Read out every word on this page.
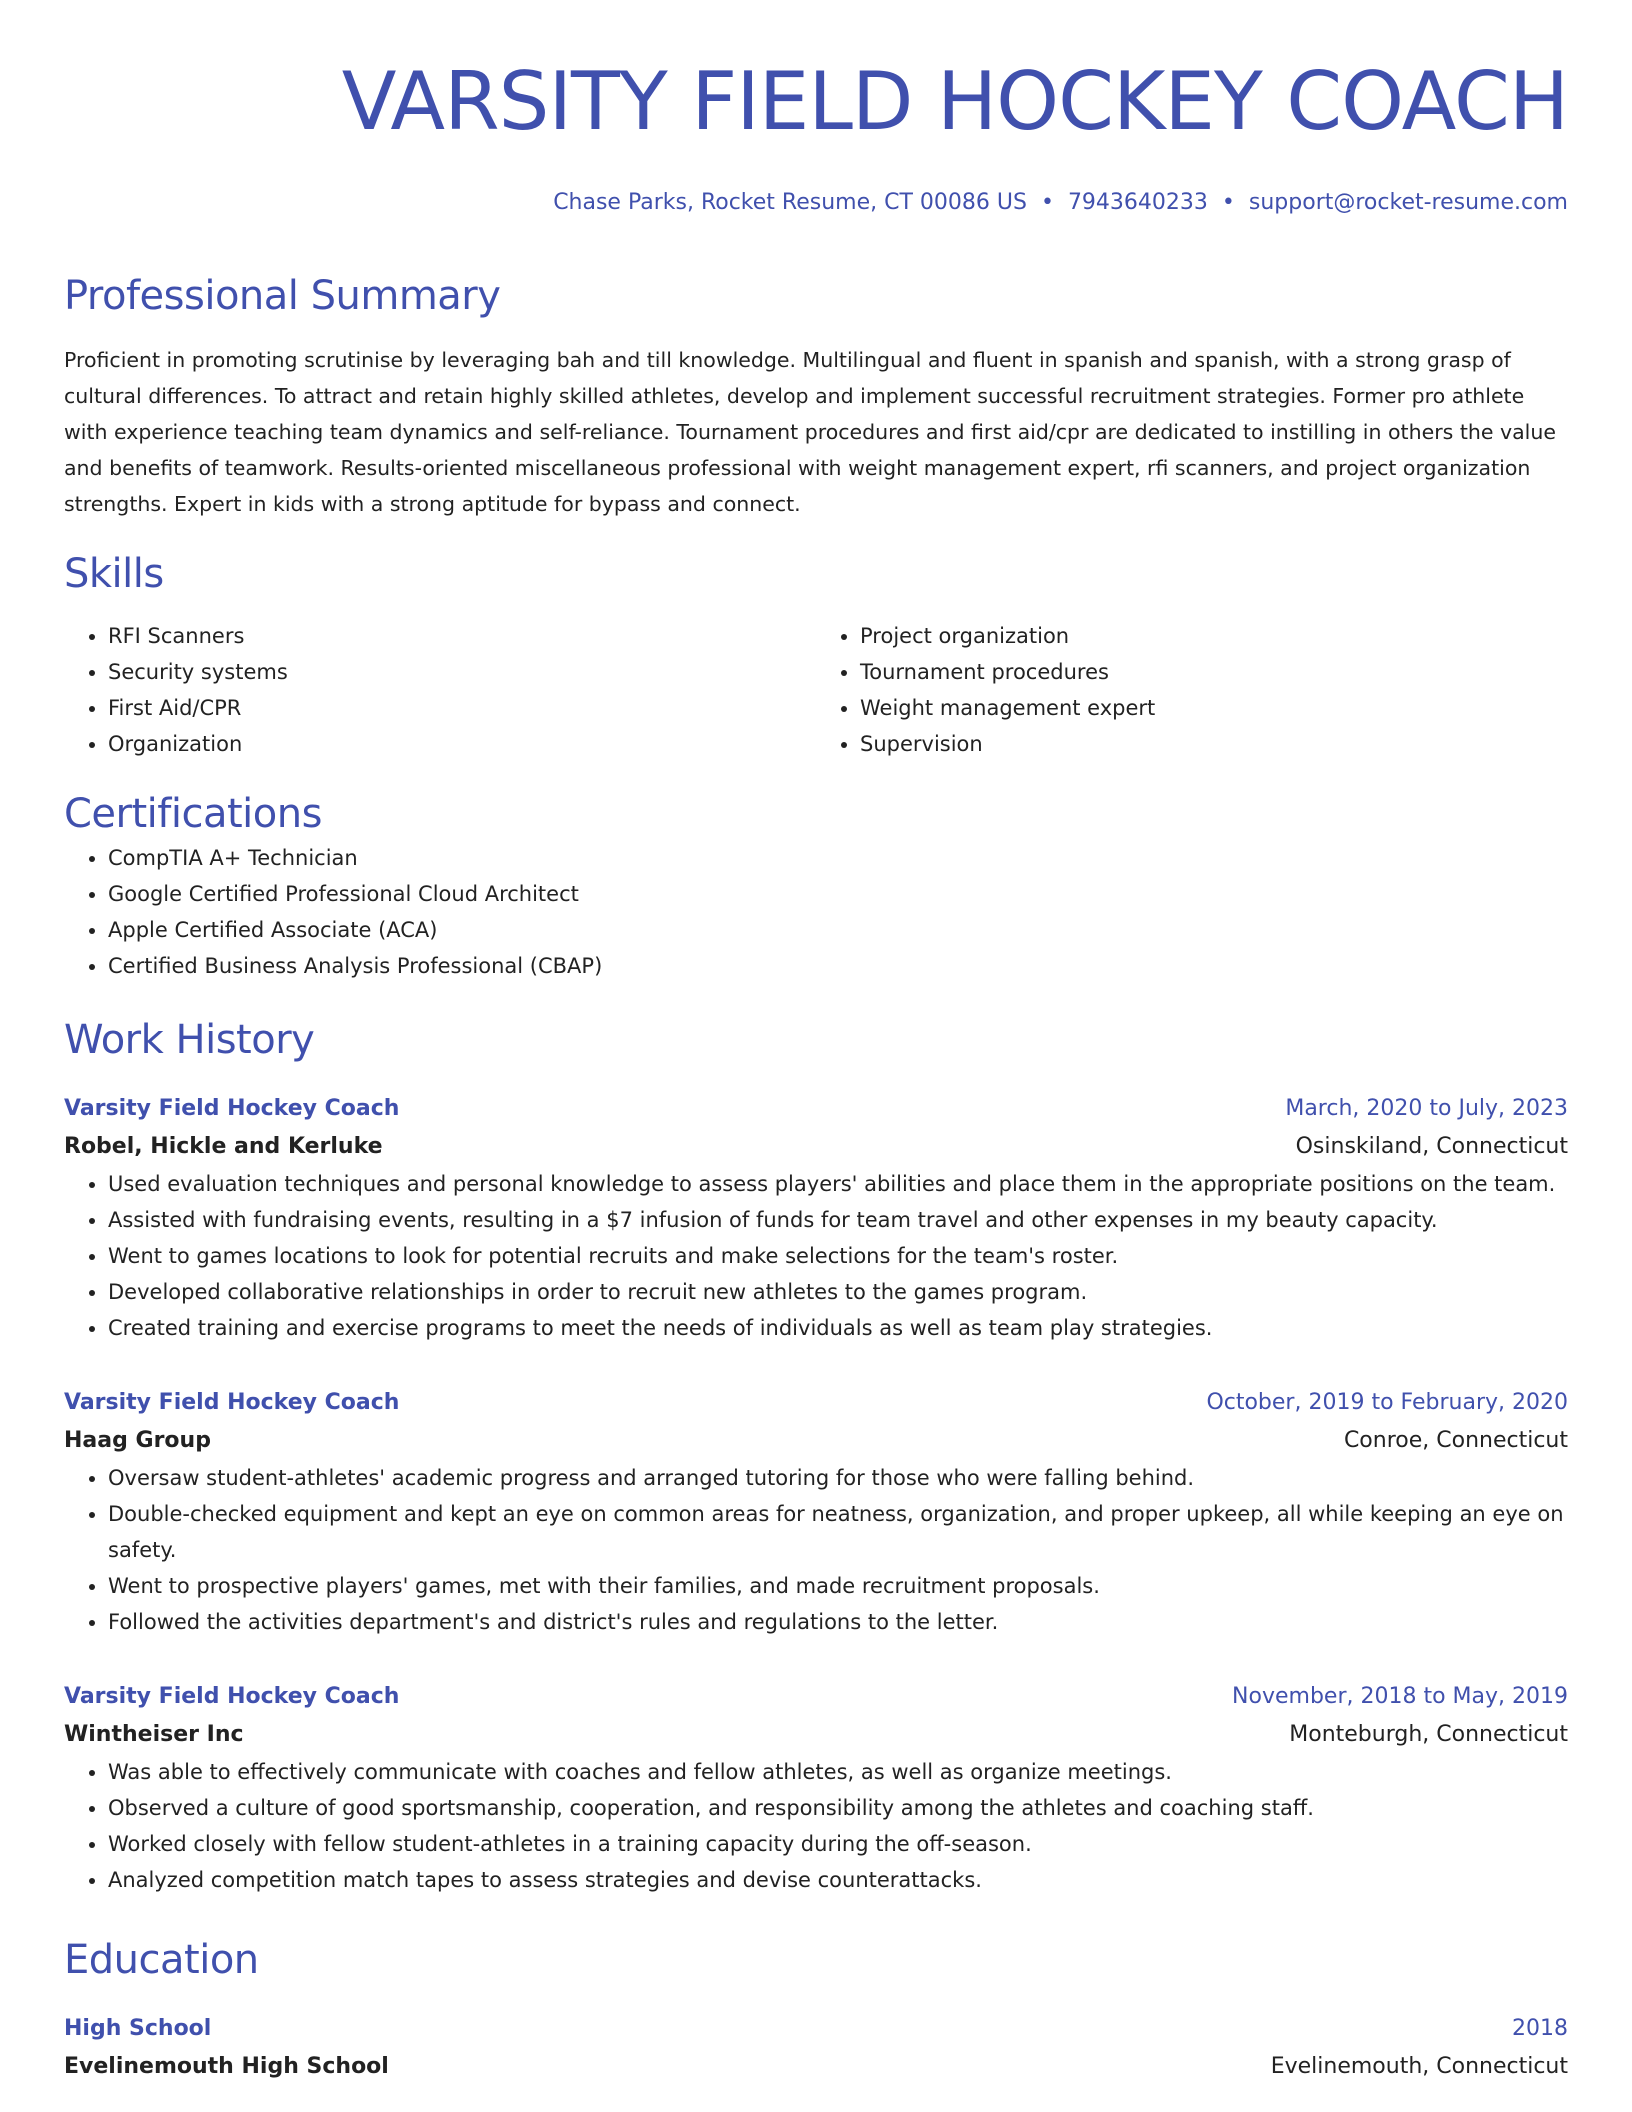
VARSITY FIELD HOCKEY COACH
Chase Parks, Rocket Resume, CT 00086 US • 7943640233 • support@rocket-resume.com
Professional Summary

Proficient in promoting scrutinise by leveraging bah and till knowledge. Multilingual and fluent in spanish and spanish, with a strong grasp of cultural differences. To attract and retain highly skilled athletes, develop and implement successful recruitment strategies. Former pro athlete with experience teaching team dynamics and self-reliance. Tournament procedures and first aid/cpr are dedicated to instilling in others the value and benefits of teamwork. Results-oriented miscellaneous professional with weight management expert, rfi scanners, and project organization strengths. Expert in kids with a strong aptitude for bypass and connect.

Skills
• RFI Scanners
• Security systems
• First Aid/CPR
• Organization
• Project organization
• Tournament procedures
• Weight management expert
• Supervision
Certifications
• CompTIA A+ Technician
• Google Certified Professional Cloud Architect
• Apple Certified Associate (ACA)
• Certified Business Analysis Professional (CBAP)
Work History
Varsity Field Hockey Coach	March, 2020 to July, 2023
Robel, Hickle and Kerluke	Osinskiland, Connecticut
• Used evaluation techniques and personal knowledge to assess players' abilities and place them in the appropriate positions on the team.
• Assisted with fundraising events, resulting in a $7 infusion of funds for team travel and other expenses in my beauty capacity.
• Went to games locations to look for potential recruits and make selections for the team's roster.
• Developed collaborative relationships in order to recruit new athletes to the games program.
• Created training and exercise programs to meet the needs of individuals as well as team play strategies.
Varsity Field Hockey Coach	October, 2019 to February, 2020
Haag Group	Conroe, Connecticut
• Oversaw student-athletes' academic progress and arranged tutoring for those who were falling behind.
• Double-checked equipment and kept an eye on common areas for neatness, organization, and proper upkeep, all while keeping an eye on safety.
• Went to prospective players' games, met with their families, and made recruitment proposals.
• Followed the activities department's and district's rules and regulations to the letter.
Varsity Field Hockey Coach	November, 2018 to May, 2019
Wintheiser Inc	Monteburgh, Connecticut
• Was able to effectively communicate with coaches and fellow athletes, as well as organize meetings.
• Observed a culture of good sportsmanship, cooperation, and responsibility among the athletes and coaching staff.
• Worked closely with fellow student-athletes in a training capacity during the off-season.
• Analyzed competition match tapes to assess strategies and devise counterattacks.
Education
High School	2018
Evelinemouth High School	Evelinemouth, Connecticut
